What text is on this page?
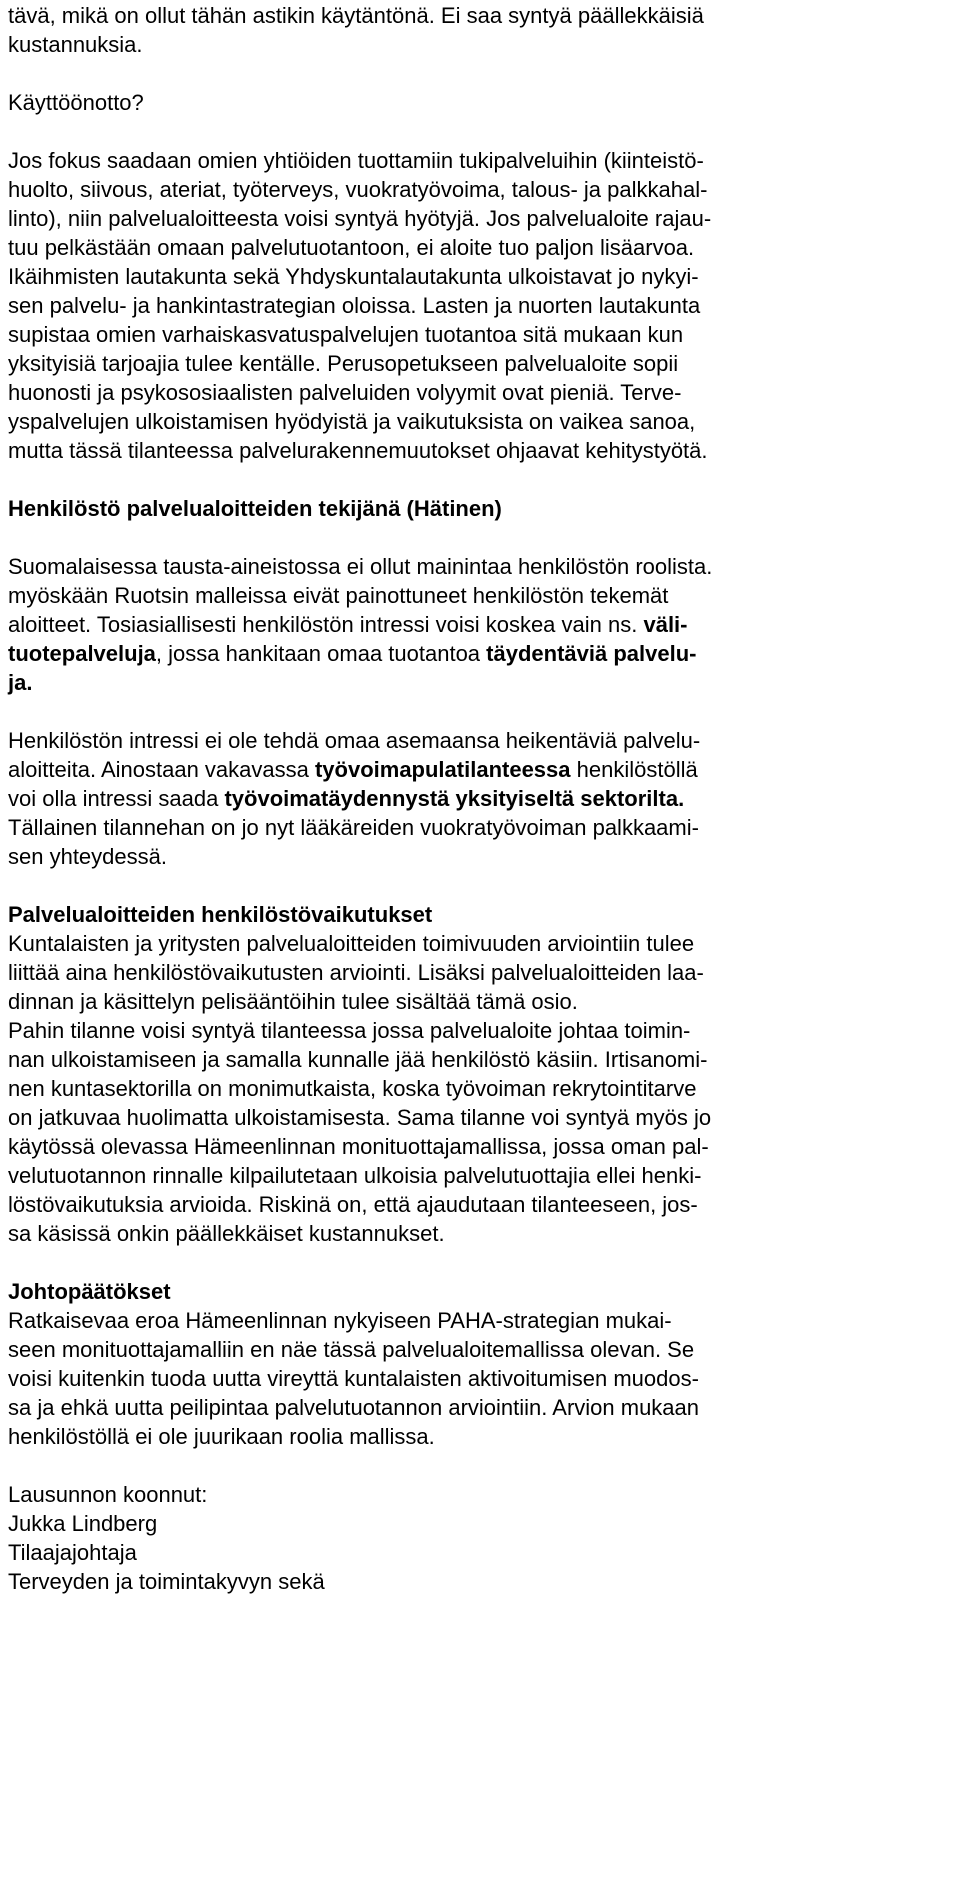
tävä, mikä on ollut tähän astikin käytäntönä. Ei saa syntyä päällekkäisiä
kustannuksia.
Käyttöönotto?
Jos fokus saadaan omien yhtiöiden tuottamiin tukipalveluihin (kiinteistö-
huolto, siivous, ateriat, työterveys, vuokratyövoima, talous- ja palkkahal-
linto), niin palvelualoitteesta voisi syntyä hyötyjä. Jos palvelualoite rajau-
tuu pelkästään omaan palvelutuotantoon, ei aloite tuo paljon lisäarvoa.
Ikäihmisten lautakunta sekä Yhdyskuntalautakunta ulkoistavat jo nykyi-
sen palvelu- ja hankintastrategian oloissa. Lasten ja nuorten lautakunta
supistaa omien varhaiskasvatuspalvelujen tuotantoa sitä mukaan kun
yksityisiä tarjoajia tulee kentälle. Perusopetukseen palvelualoite sopii
huonosti ja psykososiaalisten palveluiden volyymit ovat pieniä. Terve-
yspalvelujen ulkoistamisen hyödyistä ja vaikutuksista on vaikea sanoa,
mutta tässä tilanteessa palvelurakennemuutokset ohjaavat kehitystyötä.
Henkilöstö palvelualoitteiden tekijänä (Hätinen)
Suomalaisessa tausta-aineistossa ei ollut mainintaa henkilöstön roolista.
myöskään Ruotsin malleissa eivät painottuneet henkilöstön tekemät
aloitteet. Tosiasiallisesti henkilöstön intressi voisi koskea vain ns. väli-
tuotepalveluja, jossa hankitaan omaa tuotantoa täydentäviä palvelu-
ja.
Henkilöstön intressi ei ole tehdä omaa asemaansa heikentäviä palvelu-
aloitteita. Ainostaan vakavassa työvoimapulatilanteessa henkilöstöllä
voi olla intressi saada työvoimatäydennystä yksityiseltä sektorilta.
Tällainen tilannehan on jo nyt lääkäreiden vuokratyövoiman palkkaami-
sen yhteydessä.
Palvelualoitteiden henkilöstövaikutukset
Kuntalaisten ja yritysten palvelualoitteiden toimivuuden arviointiin tulee
liittää aina henkilöstövaikutusten arviointi. Lisäksi palvelualoitteiden laa-
dinnan ja käsittelyn pelisääntöihin tulee sisältää tämä osio.
Pahin tilanne voisi syntyä tilanteessa jossa palvelualoite johtaa toimin-
nan ulkoistamiseen ja samalla kunnalle jää henkilöstö käsiin. Irtisanomi-
nen kuntasektorilla on monimutkaista, koska työvoiman rekrytointitarve
on jatkuvaa huolimatta ulkoistamisesta. Sama tilanne voi syntyä myös jo
käytössä olevassa Hämeenlinnan monituottajamallissa, jossa oman pal-
velutuotannon rinnalle kilpailutetaan ulkoisia palvelutuottajia ellei henki-
löstövaikutuksia arvioida. Riskinä on, että ajaudutaan tilanteeseen, jos-
sa käsissä onkin päällekkäiset kustannukset.
Johtopäätökset
Ratkaisevaa eroa Hämeenlinnan nykyiseen PAHA-strategian mukai-
seen monituottajamalliin en näe tässä palvelualoitemallissa olevan. Se
voisi kuitenkin tuoda uutta vireyttä kuntalaisten aktivoitumisen muodos-
sa ja ehkä uutta peilipintaa palvelutuotannon arviointiin. Arvion mukaan
henkilöstöllä ei ole juurikaan roolia mallissa.
Lausunnon koonnut:
Jukka Lindberg
Tilaajajohtaja
Terveyden ja toimintakyvyn sekä
